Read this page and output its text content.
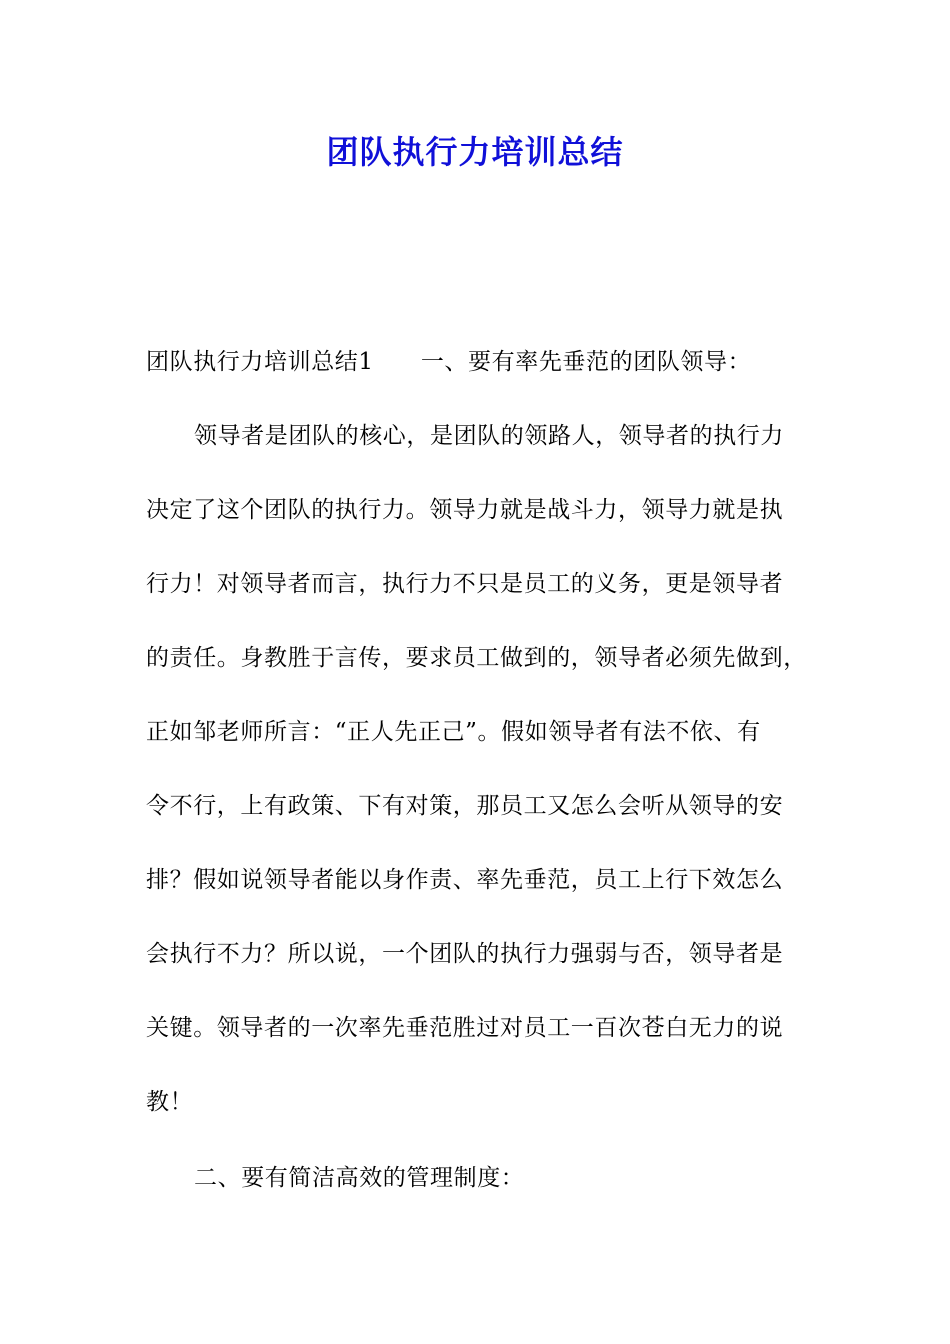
团队执行力培训总结
团队执行力培训总结1　　一、要有率先垂范的团队领导：
领导者是团队的核心，是团队的领路人，领导者的执行力
决定了这个团队的执行力。领导力就是战斗力，领导力就是执
行力！对领导者而言，执行力不只是员工的义务，更是领导者
的责任。身教胜于言传，要求员工做到的，领导者必须先做到，
正如邹老师所言：“正人先正己”。假如领导者有法不依、有
令不行，上有政策、下有对策，那员工又怎么会听从领导的安
排？假如说领导者能以身作责、率先垂范，员工上行下效怎么
会执行不力？所以说，一个团队的执行力强弱与否，领导者是
关键。领导者的一次率先垂范胜过对员工一百次苍白无力的说
教！
二、要有简洁高效的管理制度：
